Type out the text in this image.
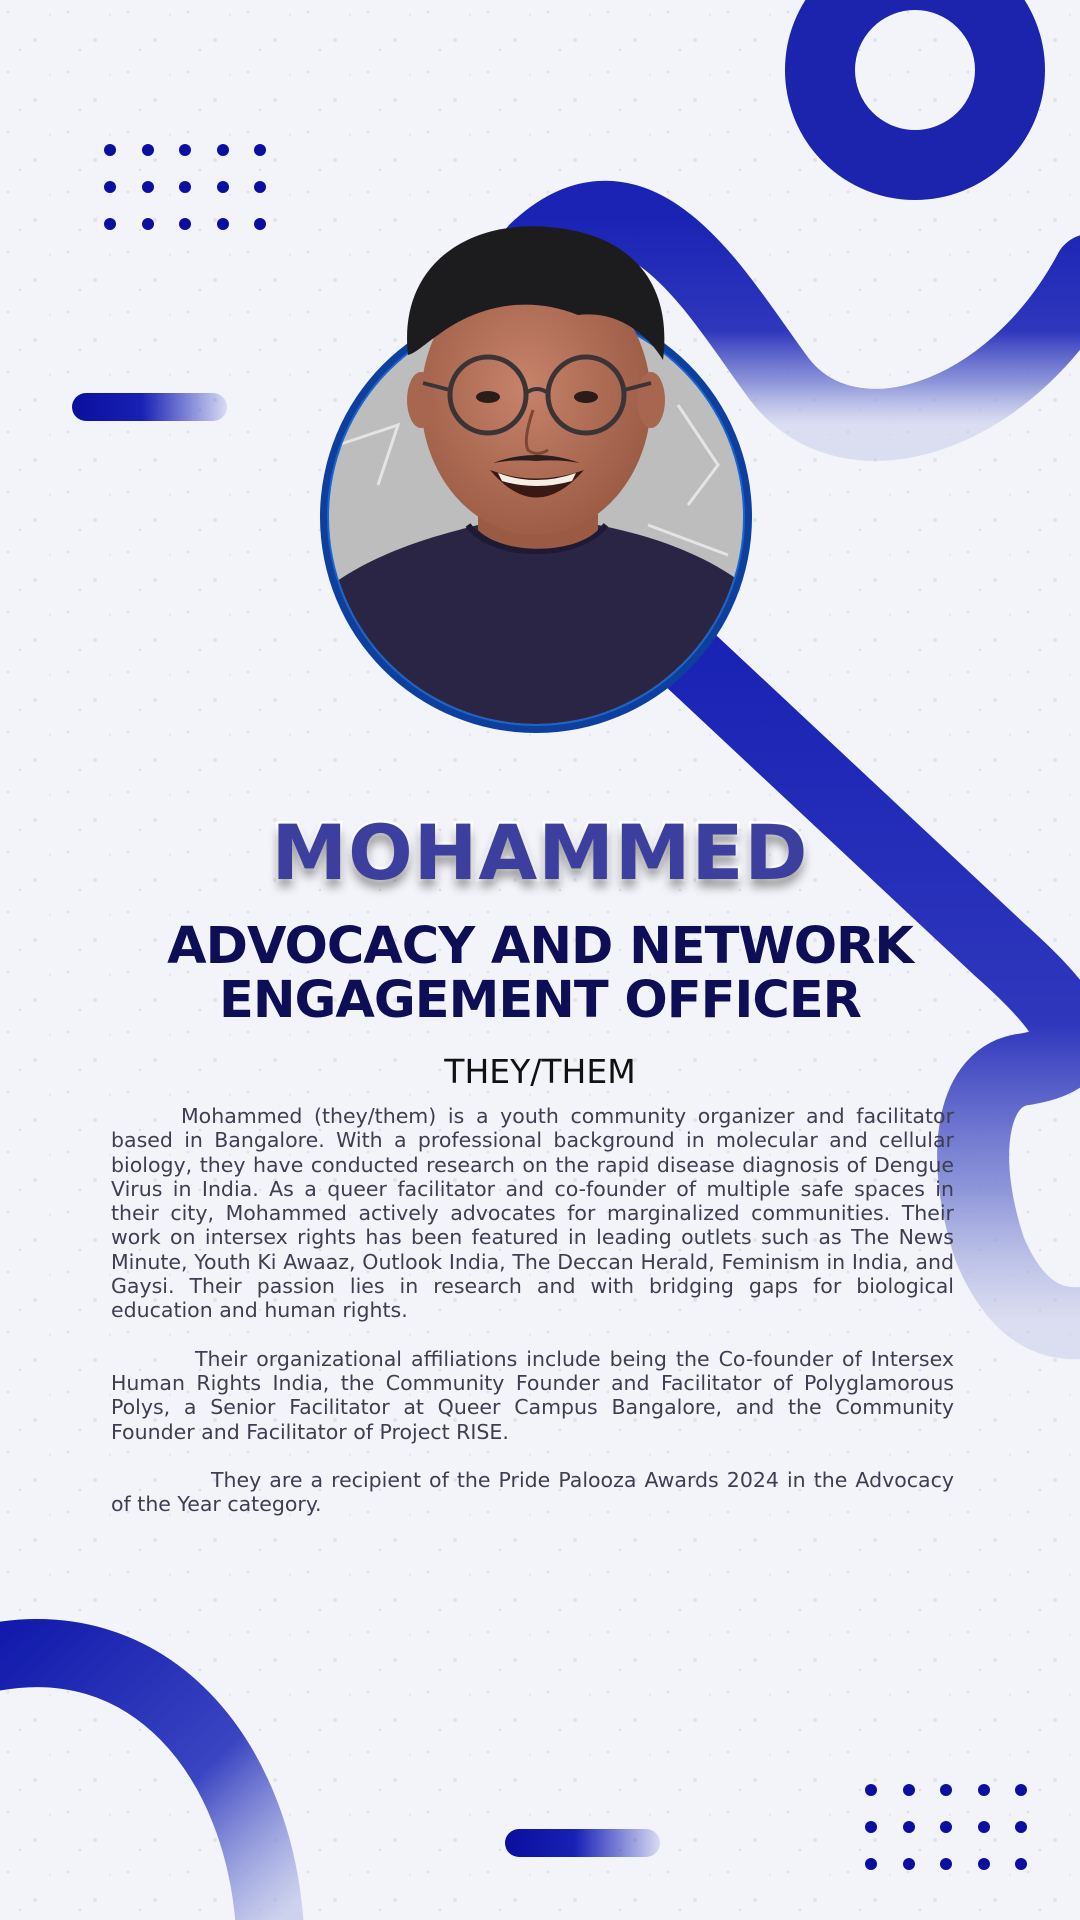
MOHAMMED
ADVOCACY AND NETWORK
ENGAGEMENT OFFICER
THEY/THEM

Mohammed (they/them) is a youth community organizer and facilitator based in Bangalore. With a professional background in molecular and cellular biology, they have conducted research on the rapid disease diagnosis of Dengue Virus in India. As a queer facilitator and co-founder of multiple safe spaces in their city, Mohammed actively advocates for marginalized communities. Their work on intersex rights has been featured in leading outlets such as The News Minute, Youth Ki Awaaz, Outlook India, The Deccan Herald, Feminism in India, and Gaysi. Their passion lies in research and with bridging gaps for biological education and human rights.

Their organizational affiliations include being the Co-founder of Intersex Human Rights India, the Community Founder and Facilitator of Polyglamorous Polys, a Senior Facilitator at Queer Campus Bangalore, and the Community Founder and Facilitator of Project RISE.

They are a recipient of the Pride Palooza Awards 2024 in the Advocacy of the Year category.
